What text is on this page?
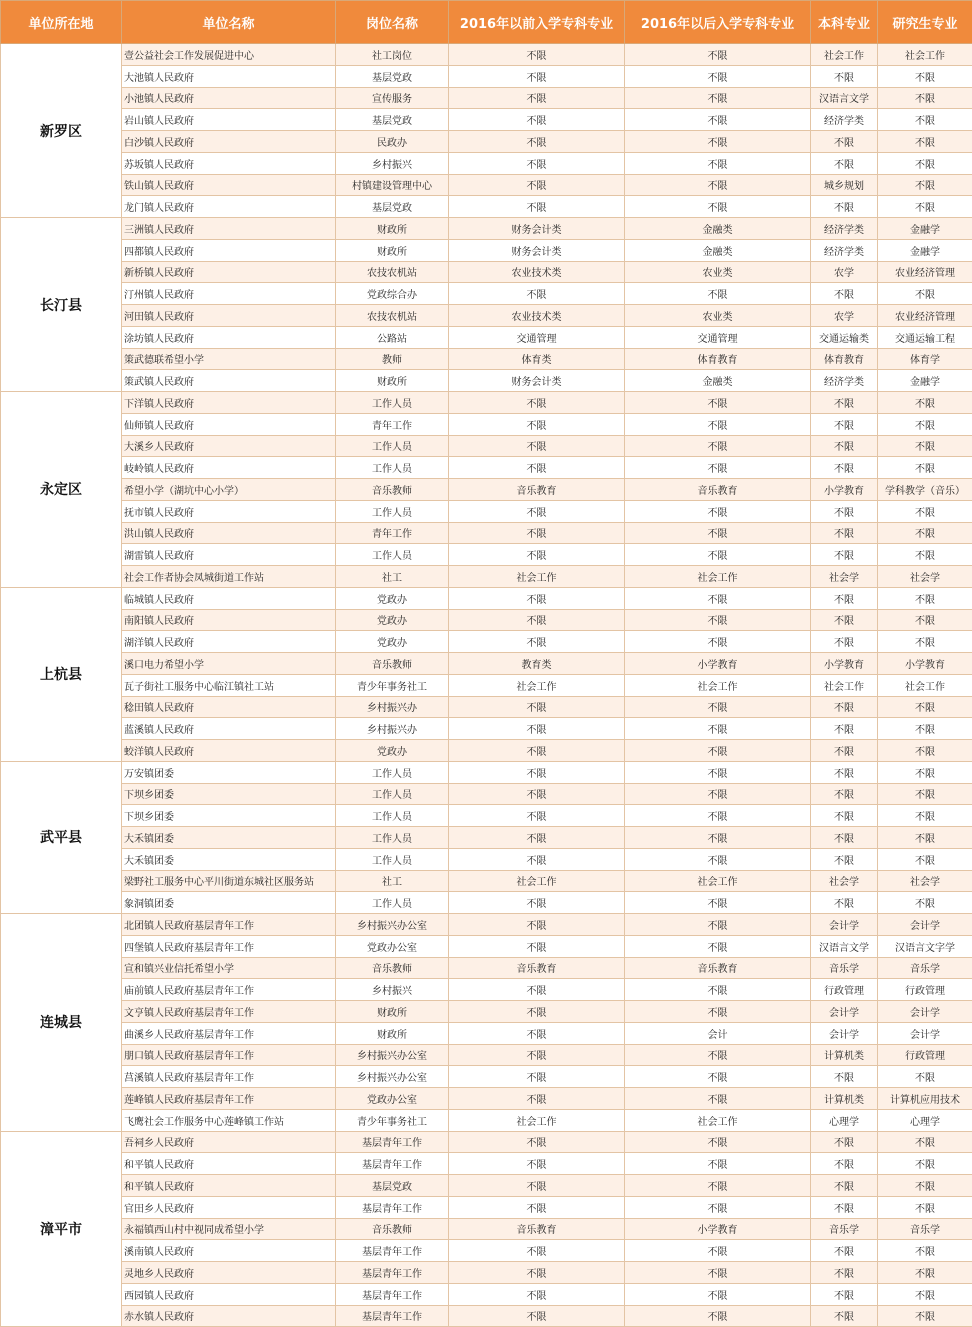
单位所在地	单位名称	岗位名称	2016年以前入学专科专业	2016年以后入学专科专业	本科专业	研究生专业
新罗区	壹公益社会工作发展促进中心	社工岗位	不限	不限	社会工作	社会工作
	大池镇人民政府	基层党政	不限	不限	不限	不限
	小池镇人民政府	宣传服务	不限	不限	汉语言文学	不限
	岩山镇人民政府	基层党政	不限	不限	经济学类	不限
	白沙镇人民政府	民政办	不限	不限	不限	不限
	苏坂镇人民政府	乡村振兴	不限	不限	不限	不限
	铁山镇人民政府	村镇建设管理中心	不限	不限	城乡规划	不限
	龙门镇人民政府	基层党政	不限	不限	不限	不限
长汀县	三洲镇人民政府	财政所	财务会计类	金融类	经济学类	金融学
	四都镇人民政府	财政所	财务会计类	金融类	经济学类	金融学
	新桥镇人民政府	农技农机站	农业技术类	农业类	农学	农业经济管理
	汀州镇人民政府	党政综合办	不限	不限	不限	不限
	河田镇人民政府	农技农机站	农业技术类	农业类	农学	农业经济管理
	涂坊镇人民政府	公路站	交通管理	交通管理	交通运输类	交通运输工程
	策武德联希望小学	教师	体育类	体育教育	体育教育	体育学
	策武镇人民政府	财政所	财务会计类	金融类	经济学类	金融学
永定区	下洋镇人民政府	工作人员	不限	不限	不限	不限
	仙师镇人民政府	青年工作	不限	不限	不限	不限
	大溪乡人民政府	工作人员	不限	不限	不限	不限
	岐岭镇人民政府	工作人员	不限	不限	不限	不限
	希望小学（湖坑中心小学）	音乐教师	音乐教育	音乐教育	小学教育	学科教学（音乐）
	抚市镇人民政府	工作人员	不限	不限	不限	不限
	洪山镇人民政府	青年工作	不限	不限	不限	不限
	湖雷镇人民政府	工作人员	不限	不限	不限	不限
	社会工作者协会凤城街道工作站	社工	社会工作	社会工作	社会学	社会学
上杭县	临城镇人民政府	党政办	不限	不限	不限	不限
	南阳镇人民政府	党政办	不限	不限	不限	不限
	湖洋镇人民政府	党政办	不限	不限	不限	不限
	溪口电力希望小学	音乐教师	教育类	小学教育	小学教育	小学教育
	瓦子街社工服务中心临江镇社工站	青少年事务社工	社会工作	社会工作	社会工作	社会工作
	稔田镇人民政府	乡村振兴办	不限	不限	不限	不限
	蓝溪镇人民政府	乡村振兴办	不限	不限	不限	不限
	蛟洋镇人民政府	党政办	不限	不限	不限	不限
武平县	万安镇团委	工作人员	不限	不限	不限	不限
	下坝乡团委	工作人员	不限	不限	不限	不限
	下坝乡团委	工作人员	不限	不限	不限	不限
	大禾镇团委	工作人员	不限	不限	不限	不限
	大禾镇团委	工作人员	不限	不限	不限	不限
	梁野社工服务中心平川街道东城社区服务站	社工	社会工作	社会工作	社会学	社会学
	象洞镇团委	工作人员	不限	不限	不限	不限
连城县	北团镇人民政府基层青年工作	乡村振兴办公室	不限	不限	会计学	会计学
	四堡镇人民政府基层青年工作	党政办公室	不限	不限	汉语言文学	汉语言文字学
	宣和镇兴业信托希望小学	音乐教师	音乐教育	音乐教育	音乐学	音乐学
	庙前镇人民政府基层青年工作	乡村振兴	不限	不限	行政管理	行政管理
	文亨镇人民政府基层青年工作	财政所	不限	不限	会计学	会计学
	曲溪乡人民政府基层青年工作	财政所	不限	会计	会计学	会计学
	朋口镇人民政府基层青年工作	乡村振兴办公室	不限	不限	计算机类	行政管理
	莒溪镇人民政府基层青年工作	乡村振兴办公室	不限	不限	不限	不限
	莲峰镇人民政府基层青年工作	党政办公室	不限	不限	计算机类	计算机应用技术
	飞鹰社会工作服务中心莲峰镇工作站	青少年事务社工	社会工作	社会工作	心理学	心理学
漳平市	吾祠乡人民政府	基层青年工作	不限	不限	不限	不限
	和平镇人民政府	基层青年工作	不限	不限	不限	不限
	和平镇人民政府	基层党政	不限	不限	不限	不限
	官田乡人民政府	基层青年工作	不限	不限	不限	不限
	永福镇西山村中视同成希望小学	音乐教师	音乐教育	小学教育	音乐学	音乐学
	溪南镇人民政府	基层青年工作	不限	不限	不限	不限
	灵地乡人民政府	基层青年工作	不限	不限	不限	不限
	西园镇人民政府	基层青年工作	不限	不限	不限	不限
	赤水镇人民政府	基层青年工作	不限	不限	不限	不限
